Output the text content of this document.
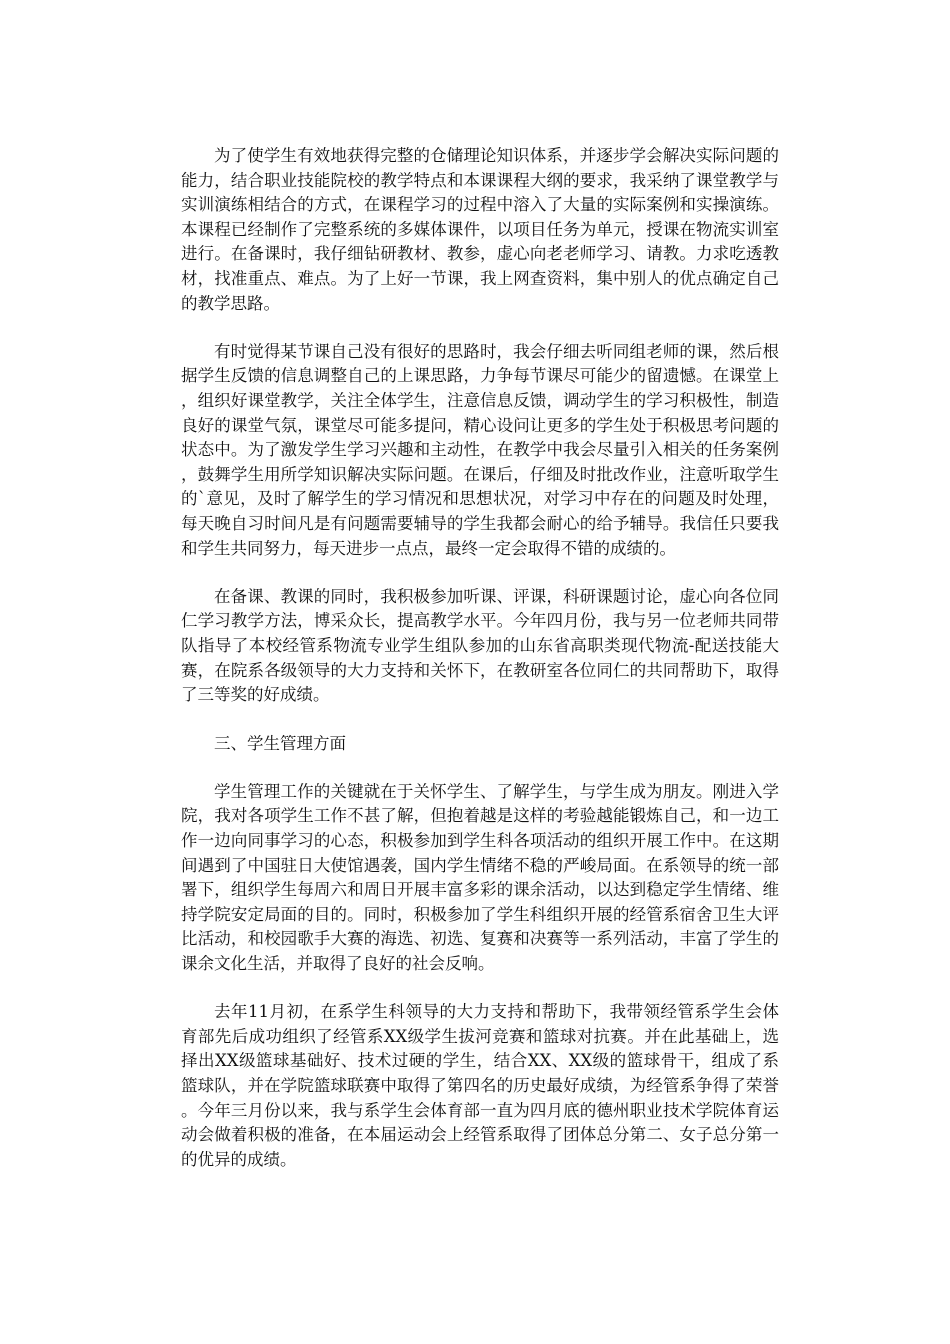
为了使学生有效地获得完整的仓储理论知识体系，并逐步学会解决实际问题的能力，结合职业技能院校的教学特点和本课课程大纲的要求，我采纳了课堂教学与实训演练相结合的方式，在课程学习的过程中溶入了大量的实际案例和实操演练。本课程已经制作了完整系统的多媒体课件，以项目任务为单元，授课在物流实训室进行。在备课时，我仔细钻研教材、教参，虚心向老老师学习、请教。力求吃透教材，找准重点、难点。为了上好一节课，我上网查资料，集中别人的优点确定自己的教学思路。

有时觉得某节课自己没有很好的思路时，我会仔细去听同组老师的课，然后根据学生反馈的信息调整自己的上课思路，力争每节课尽可能少的留遗憾。在课堂上，组织好课堂教学，关注全体学生，注意信息反馈，调动学生的学习积极性，制造良好的课堂气氛，课堂尽可能多提问，精心设问让更多的学生处于积极思考问题的状态中。为了激发学生学习兴趣和主动性，在教学中我会尽量引入相关的任务案例，鼓舞学生用所学知识解决实际问题。在课后，仔细及时批改作业，注意听取学生的`意见，及时了解学生的学习情况和思想状况，对学习中存在的问题及时处理，每天晚自习时间凡是有问题需要辅导的学生我都会耐心的给予辅导。我信任只要我和学生共同努力，每天进步一点点，最终一定会取得不错的成绩的。

在备课、教课的同时，我积极参加听课、评课，科研课题讨论，虚心向各位同仁学习教学方法，博采众长，提高教学水平。今年四月份，我与另一位老师共同带队指导了本校经管系物流专业学生组队参加的山东省高职类现代物流-配送技能大赛，在院系各级领导的大力支持和关怀下，在教研室各位同仁的共同帮助下，取得了三等奖的好成绩。

三、学生管理方面

学生管理工作的关键就在于关怀学生、了解学生，与学生成为朋友。刚进入学院，我对各项学生工作不甚了解，但抱着越是这样的考验越能锻炼自己，和一边工作一边向同事学习的心态，积极参加到学生科各项活动的组织开展工作中。在这期间遇到了中国驻日大使馆遇袭，国内学生情绪不稳的严峻局面。在系领导的统一部署下，组织学生每周六和周日开展丰富多彩的课余活动，以达到稳定学生情绪、维持学院安定局面的目的。同时，积极参加了学生科组织开展的经管系宿舍卫生大评比活动，和校园歌手大赛的海选、初选、复赛和决赛等一系列活动，丰富了学生的课余文化生活，并取得了良好的社会反响。

去年11月初，在系学生科领导的大力支持和帮助下，我带领经管系学生会体育部先后成功组织了经管系XX级学生拔河竞赛和篮球对抗赛。并在此基础上，选择出XX级篮球基础好、技术过硬的学生，结合XX、XX级的篮球骨干，组成了系篮球队，并在学院篮球联赛中取得了第四名的历史最好成绩，为经管系争得了荣誉。今年三月份以来，我与系学生会体育部一直为四月底的德州职业技术学院体育运动会做着积极的准备，在本届运动会上经管系取得了团体总分第二、女子总分第一的优异的成绩。
